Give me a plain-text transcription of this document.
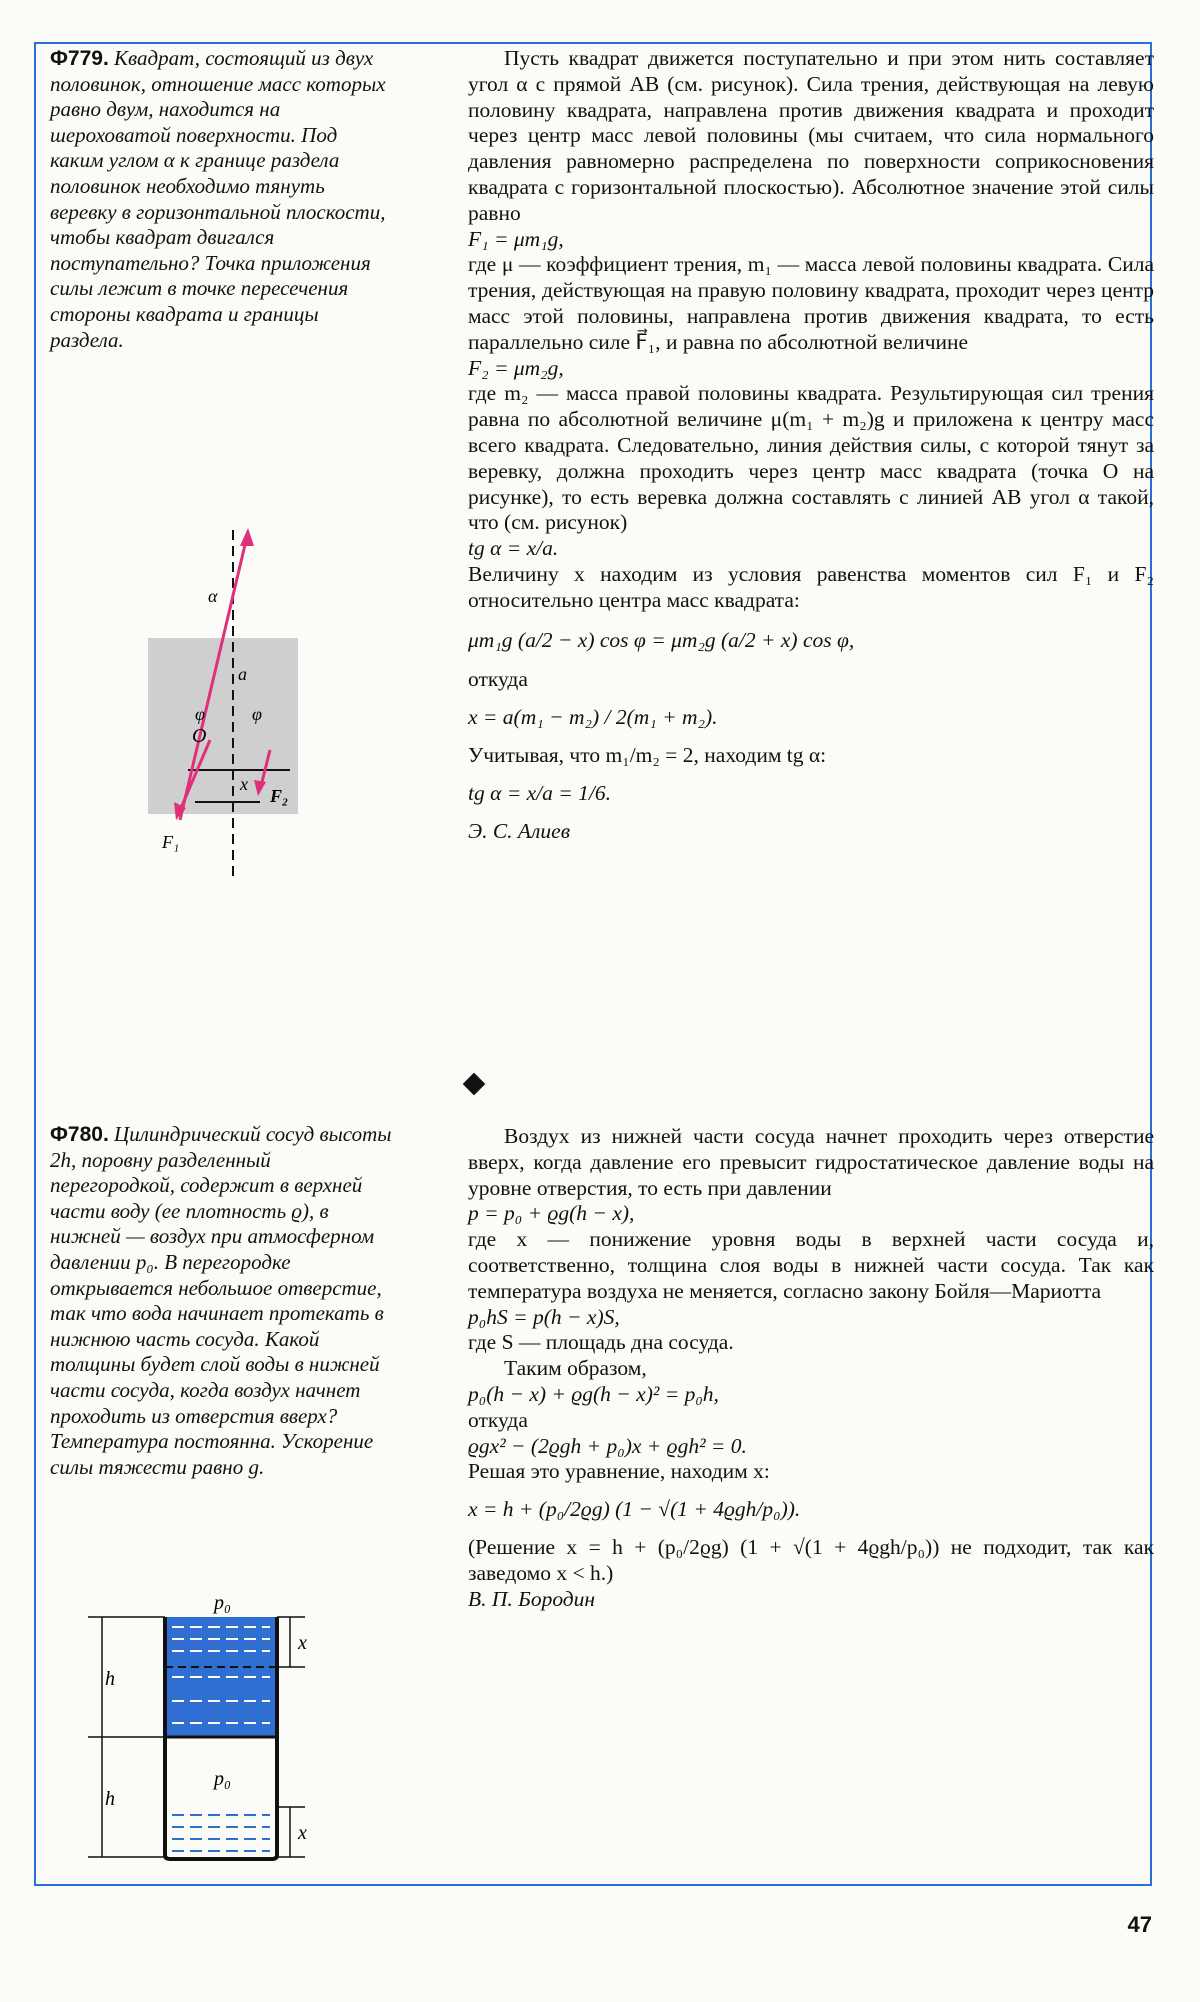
Ф779. Квадрат, состоящий из двух половинок, отношение масс которых равно двум, находится на шероховатой поверхности. Под каким углом α к границе раздела половинок необходимо тянуть веревку в горизонтальной плоскости, чтобы квадрат двигался поступательно? Точка приложения силы лежит в точке пересечения стороны квадрата и границы раздела.
α
a
φ	φ
O
x
F₁
F₂

Пусть квадрат движется поступательно и при этом нить составляет угол α с прямой AB (см. рисунок). Сила трения, действующая на левую половину квадрата, направлена против движения квадрата и проходит через центр масс левой половины (мы считаем, что сила нормального давления равномерно распределена по поверхности соприкосновения квадрата с горизонтальной плоскостью). Абсолютное значение этой силы равно

F₁ = μm₁g,

где μ — коэффициент трения, m₁ — масса левой половины квадрата. Сила трения, действующая на правую половину квадрата, проходит через центр масс этой половины, направлена против движения квадрата, то есть параллельно силе F⃗₁, и равна по абсолютной величине

F₂ = μm₂g,

где m₂ — масса правой половины квадрата. Результирующая сил трения равна по абсолютной величине μ(m₁ + m₂)g и приложена к центру масс всего квадрата. Следовательно, линия действия силы, с которой тянут за веревку, должна проходить через центр масс квадрата (точка O на рисунке), то есть веревка должна составлять с линией AB угол α такой, что (см. рисунок)

tg α = x/a.

Величину x находим из условия равенства моментов сил F₁ и F₂ относительно центра масс квадрата:

μm₁g (a/2 − x) cos φ = μm₂g (a/2 + x) cos φ,

откуда

x = a(m₁ − m₂) / 2(m₁ + m₂).

Учитывая, что m₁/m₂ = 2, находим tg α:

tg α = x/a = 1/6.

Э. С. Алиев

Ф780. Цилиндрический сосуд высоты 2h, поровну разделенный перегородкой, содержит в верхней части воду (ее плотность ϱ), в нижней — воздух при атмосферном давлении p₀. В перегородке открывается небольшое отверстие, так что вода начинает протекать в нижнюю часть сосуда. Какой толщины будет слой воды в нижней части сосуда, когда воздух начнет проходить из отверстия вверх? Температура постоянна. Ускорение силы тяжести равно g.
p₀
p₀
h
h
x
x

Воздух из нижней части сосуда начнет проходить через отверстие вверх, когда давление его превысит гидростатическое давление воды на уровне отверстия, то есть при давлении

p = p₀ + ϱg(h − x),

где x — понижение уровня воды в верхней части сосуда и, соответственно, толщина слоя воды в нижней части сосуда. Так как температура воздуха не меняется, согласно закону Бойля—Мариотта

p₀hS = p(h − x)S,

где S — площадь дна сосуда.

Таким образом,

p₀(h − x) + ϱg(h − x)² = p₀h,

откуда

ϱgx² − (2ϱgh + p₀)x + ϱgh² = 0.

Решая это уравнение, находим x:

x = h + (p₀/2ϱg) (1 − √(1 + 4ϱgh/p₀)).

(Решение x = h + (p₀/2ϱg) (1 + √(1 + 4ϱgh/p₀)) не подходит, так как заведомо x < h.)

В. П. Бородин

47
